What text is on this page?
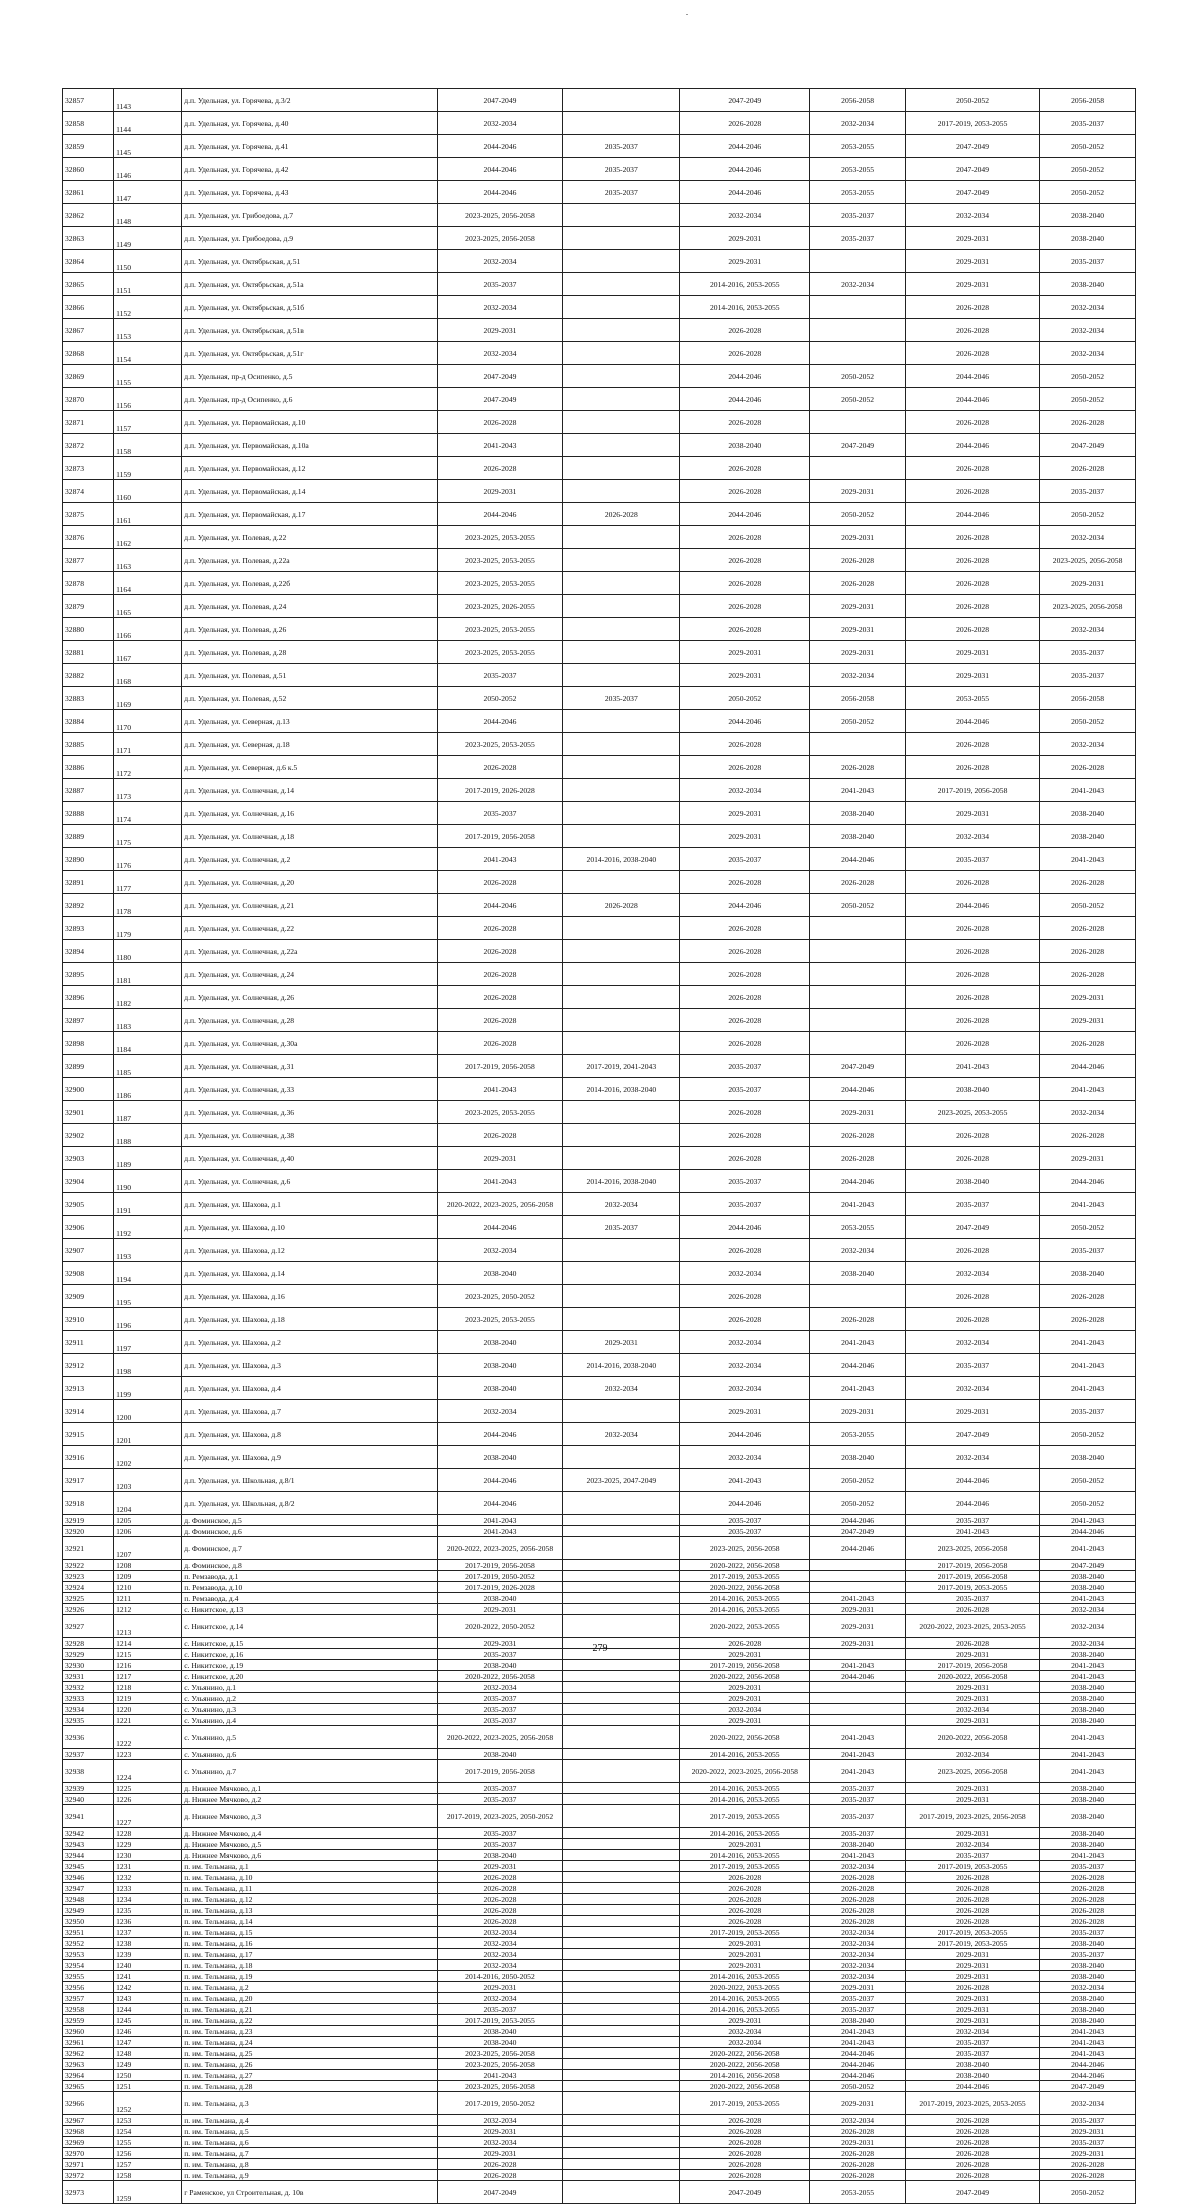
32857	1143	д.п. Удельная, ул. Горячева, д.3/2	2047-2049		2047-2049	2056-2058	2050-2052	2056-2058
32858	1144	д.п. Удельная, ул. Горячева, д.40	2032-2034		2026-2028	2032-2034	2017-2019, 2053-2055	2035-2037
32859	1145	д.п. Удельная, ул. Горячева, д.41	2044-2046	2035-2037	2044-2046	2053-2055	2047-2049	2050-2052
32860	1146	д.п. Удельная, ул. Горячева, д.42	2044-2046	2035-2037	2044-2046	2053-2055	2047-2049	2050-2052
32861	1147	д.п. Удельная, ул. Горячева, д.43	2044-2046	2035-2037	2044-2046	2053-2055	2047-2049	2050-2052
32862	1148	д.п. Удельная, ул. Грибоедова, д.7	2023-2025, 2056-2058		2032-2034	2035-2037	2032-2034	2038-2040
32863	1149	д.п. Удельная, ул. Грибоедова, д.9	2023-2025, 2056-2058		2029-2031	2035-2037	2029-2031	2038-2040
32864	1150	д.п. Удельная, ул. Октябрьская, д.51	2032-2034		2029-2031		2029-2031	2035-2037
32865	1151	д.п. Удельная, ул. Октябрьская, д.51а	2035-2037		2014-2016, 2053-2055	2032-2034	2029-2031	2038-2040
32866	1152	д.п. Удельная, ул. Октябрьская, д.51б	2032-2034		2014-2016, 2053-2055		2026-2028	2032-2034
32867	1153	д.п. Удельная, ул. Октябрьская, д.51в	2029-2031		2026-2028		2026-2028	2032-2034
32868	1154	д.п. Удельная, ул. Октябрьская, д.51г	2032-2034		2026-2028		2026-2028	2032-2034
32869	1155	д.п. Удельная, пр-д Осипенко, д.5	2047-2049		2044-2046	2050-2052	2044-2046	2050-2052
32870	1156	д.п. Удельная, пр-д Осипенко, д.6	2047-2049		2044-2046	2050-2052	2044-2046	2050-2052
32871	1157	д.п. Удельная, ул. Первомайская, д.10	2026-2028		2026-2028		2026-2028	2026-2028
32872	1158	д.п. Удельная, ул. Первомайская, д.10а	2041-2043		2038-2040	2047-2049	2044-2046	2047-2049
32873	1159	д.п. Удельная, ул. Первомайская, д.12	2026-2028		2026-2028		2026-2028	2026-2028
32874	1160	д.п. Удельная, ул. Первомайская, д.14	2029-2031		2026-2028	2029-2031	2026-2028	2035-2037
32875	1161	д.п. Удельная, ул. Первомайская, д.17	2044-2046	2026-2028	2044-2046	2050-2052	2044-2046	2050-2052
32876	1162	д.п. Удельная, ул. Полевая, д.22	2023-2025, 2053-2055		2026-2028	2029-2031	2026-2028	2032-2034
32877	1163	д.п. Удельная, ул. Полевая, д.22а	2023-2025, 2053-2055		2026-2028	2026-2028	2026-2028	2023-2025, 2056-2058
32878	1164	д.п. Удельная, ул. Полевая, д.22б	2023-2025, 2053-2055		2026-2028	2026-2028	2026-2028	2029-2031
32879	1165	д.п. Удельная, ул. Полевая, д.24	2023-2025, 2026-2055		2026-2028	2029-2031	2026-2028	2023-2025, 2056-2058
32880	1166	д.п. Удельная, ул. Полевая, д.26	2023-2025, 2053-2055		2026-2028	2029-2031	2026-2028	2032-2034
32881	1167	д.п. Удельная, ул. Полевая, д.28	2023-2025, 2053-2055		2029-2031	2029-2031	2029-2031	2035-2037
32882	1168	д.п. Удельная, ул. Полевая, д.51	2035-2037		2029-2031	2032-2034	2029-2031	2035-2037
32883	1169	д.п. Удельная, ул. Полевая, д.52	2050-2052	2035-2037	2050-2052	2056-2058	2053-2055	2056-2058
32884	1170	д.п. Удельная, ул. Северная, д.13	2044-2046		2044-2046	2050-2052	2044-2046	2050-2052
32885	1171	д.п. Удельная, ул. Северная, д.18	2023-2025, 2053-2055		2026-2028		2026-2028	2032-2034
32886	1172	д.п. Удельная, ул. Северная, д.6 к.5	2026-2028		2026-2028	2026-2028	2026-2028	2026-2028
32887	1173	д.п. Удельная, ул. Солнечная, д.14	2017-2019, 2026-2028		2032-2034	2041-2043	2017-2019, 2056-2058	2041-2043
32888	1174	д.п. Удельная, ул. Солнечная, д.16	2035-2037		2029-2031	2038-2040	2029-2031	2038-2040
32889	1175	д.п. Удельная, ул. Солнечная, д.18	2017-2019, 2056-2058		2029-2031	2038-2040	2032-2034	2038-2040
32890	1176	д.п. Удельная, ул. Солнечная, д.2	2041-2043	2014-2016, 2038-2040	2035-2037	2044-2046	2035-2037	2041-2043
32891	1177	д.п. Удельная, ул. Солнечная, д.20	2026-2028		2026-2028	2026-2028	2026-2028	2026-2028
32892	1178	д.п. Удельная, ул. Солнечная, д.21	2044-2046	2026-2028	2044-2046	2050-2052	2044-2046	2050-2052
32893	1179	д.п. Удельная, ул. Солнечная, д.22	2026-2028		2026-2028		2026-2028	2026-2028
32894	1180	д.п. Удельная, ул. Солнечная, д.22а	2026-2028		2026-2028		2026-2028	2026-2028
32895	1181	д.п. Удельная, ул. Солнечная, д.24	2026-2028		2026-2028		2026-2028	2026-2028
32896	1182	д.п. Удельная, ул. Солнечная, д.26	2026-2028		2026-2028		2026-2028	2029-2031
32897	1183	д.п. Удельная, ул. Солнечная, д.28	2026-2028		2026-2028		2026-2028	2029-2031
32898	1184	д.п. Удельная, ул. Солнечная, д.30а	2026-2028		2026-2028		2026-2028	2026-2028
32899	1185	д.п. Удельная, ул. Солнечная, д.31	2017-2019, 2056-2058	2017-2019, 2041-2043	2035-2037	2047-2049	2041-2043	2044-2046
32900	1186	д.п. Удельная, ул. Солнечная, д.33	2041-2043	2014-2016, 2038-2040	2035-2037	2044-2046	2038-2040	2041-2043
32901	1187	д.п. Удельная, ул. Солнечная, д.36	2023-2025, 2053-2055		2026-2028	2029-2031	2023-2025, 2053-2055	2032-2034
32902	1188	д.п. Удельная, ул. Солнечная, д.38	2026-2028		2026-2028	2026-2028	2026-2028	2026-2028
32903	1189	д.п. Удельная, ул. Солнечная, д.40	2029-2031		2026-2028	2026-2028	2026-2028	2029-2031
32904	1190	д.п. Удельная, ул. Солнечная, д.6	2041-2043	2014-2016, 2038-2040	2035-2037	2044-2046	2038-2040	2044-2046
32905	1191	д.п. Удельная, ул. Шахова, д.1	2020-2022, 2023-2025, 2056-2058	2032-2034	2035-2037	2041-2043	2035-2037	2041-2043
32906	1192	д.п. Удельная, ул. Шахова, д.10	2044-2046	2035-2037	2044-2046	2053-2055	2047-2049	2050-2052
32907	1193	д.п. Удельная, ул. Шахова, д.12	2032-2034		2026-2028	2032-2034	2026-2028	2035-2037
32908	1194	д.п. Удельная, ул. Шахова, д.14	2038-2040		2032-2034	2038-2040	2032-2034	2038-2040
32909	1195	д.п. Удельная, ул. Шахова, д.16	2023-2025, 2050-2052		2026-2028		2026-2028	2026-2028
32910	1196	д.п. Удельная, ул. Шахова, д.18	2023-2025, 2053-2055		2026-2028	2026-2028	2026-2028	2026-2028
32911	1197	д.п. Удельная, ул. Шахова, д.2	2038-2040	2029-2031	2032-2034	2041-2043	2032-2034	2041-2043
32912	1198	д.п. Удельная, ул. Шахова, д.3	2038-2040	2014-2016, 2038-2040	2032-2034	2044-2046	2035-2037	2041-2043
32913	1199	д.п. Удельная, ул. Шахова, д.4	2038-2040	2032-2034	2032-2034	2041-2043	2032-2034	2041-2043
32914	1200	д.п. Удельная, ул. Шахова, д.7	2032-2034		2029-2031	2029-2031	2029-2031	2035-2037
32915	1201	д.п. Удельная, ул. Шахова, д.8	2044-2046	2032-2034	2044-2046	2053-2055	2047-2049	2050-2052
32916	1202	д.п. Удельная, ул. Шахова, д.9	2038-2040		2032-2034	2038-2040	2032-2034	2038-2040
32917	1203	д.п. Удельная, ул. Школьная, д.8/1	2044-2046	2023-2025, 2047-2049	2041-2043	2050-2052	2044-2046	2050-2052
32918	1204	д.п. Удельная, ул. Школьная, д.8/2	2044-2046		2044-2046	2050-2052	2044-2046	2050-2052
32919	1205	д. Фоминское, д.5	2041-2043		2035-2037	2044-2046	2035-2037	2041-2043
32920	1206	д. Фоминское, д.6	2041-2043		2035-2037	2047-2049	2041-2043	2044-2046
32921	1207	д. Фоминское, д.7	2020-2022, 2023-2025, 2056-2058		2023-2025, 2056-2058	2044-2046	2023-2025, 2056-2058	2041-2043
32922	1208	д. Фоминское, д.8	2017-2019, 2056-2058		2020-2022, 2056-2058		2017-2019, 2056-2058	2047-2049
32923	1209	п. Ремзавода, д.1	2017-2019, 2050-2052		2017-2019, 2053-2055		2017-2019, 2056-2058	2038-2040
32924	1210	п. Ремзавода, д.10	2017-2019, 2026-2028		2020-2022, 2056-2058		2017-2019, 2053-2055	2038-2040
32925	1211	п. Ремзавода, д.4	2038-2040		2014-2016, 2053-2055	2041-2043	2035-2037	2041-2043
32926	1212	с. Никитское, д.13	2029-2031		2014-2016, 2053-2055	2029-2031	2026-2028	2032-2034
32927	1213	с. Никитское, д.14	2020-2022, 2050-2052		2020-2022, 2053-2055	2029-2031	2020-2022, 2023-2025, 2053-2055	2032-2034
32928	1214	с. Никитское, д.15	2029-2031		2026-2028	2029-2031	2026-2028	2032-2034
32929	1215	с. Никитское, д.16	2035-2037		2029-2031		2029-2031	2038-2040
32930	1216	с. Никитское, д.19	2038-2040		2017-2019, 2056-2058	2041-2043	2017-2019, 2056-2058	2041-2043
32931	1217	с. Никитское, д.20	2020-2022, 2056-2058		2020-2022, 2056-2058	2044-2046	2020-2022, 2056-2058	2041-2043
32932	1218	с. Ульянино, д.1	2032-2034		2029-2031		2029-2031	2038-2040
32933	1219	с. Ульянино, д.2	2035-2037		2029-2031		2029-2031	2038-2040
32934	1220	с. Ульянино, д.3	2035-2037		2032-2034		2032-2034	2038-2040
32935	1221	с. Ульянино, д.4	2035-2037		2029-2031		2029-2031	2038-2040
32936	1222	с. Ульянино, д.5	2020-2022, 2023-2025, 2056-2058		2020-2022, 2056-2058	2041-2043	2020-2022, 2056-2058	2041-2043
32937	1223	с. Ульянино, д.6	2038-2040		2014-2016, 2053-2055	2041-2043	2032-2034	2041-2043
32938	1224	с. Ульянино, д.7	2017-2019, 2056-2058		2020-2022, 2023-2025, 2056-2058	2041-2043	2023-2025, 2056-2058	2041-2043
32939	1225	д. Нижнее Мячково, д.1	2035-2037		2014-2016, 2053-2055	2035-2037	2029-2031	2038-2040
32940	1226	д. Нижнее Мячково, д.2	2035-2037		2014-2016, 2053-2055	2035-2037	2029-2031	2038-2040
32941	1227	д. Нижнее Мячково, д.3	2017-2019, 2023-2025, 2050-2052		2017-2019, 2053-2055	2035-2037	2017-2019, 2023-2025, 2056-2058	2038-2040
32942	1228	д. Нижнее Мячково, д.4	2035-2037		2014-2016, 2053-2055	2035-2037	2029-2031	2038-2040
32943	1229	д. Нижнее Мячково, д.5	2035-2037		2029-2031	2038-2040	2032-2034	2038-2040
32944	1230	д. Нижнее Мячково, д.6	2038-2040		2014-2016, 2053-2055	2041-2043	2035-2037	2041-2043
32945	1231	п. им. Тельмана, д.1	2029-2031		2017-2019, 2053-2055	2032-2034	2017-2019, 2053-2055	2035-2037
32946	1232	п. им. Тельмана, д.10	2026-2028		2026-2028	2026-2028	2026-2028	2026-2028
32947	1233	п. им. Тельмана, д.11	2026-2028		2026-2028	2026-2028	2026-2028	2026-2028
32948	1234	п. им. Тельмана, д.12	2026-2028		2026-2028	2026-2028	2026-2028	2026-2028
32949	1235	п. им. Тельмана, д.13	2026-2028		2026-2028	2026-2028	2026-2028	2026-2028
32950	1236	п. им. Тельмана, д.14	2026-2028		2026-2028	2026-2028	2026-2028	2026-2028
32951	1237	п. им. Тельмана, д.15	2032-2034		2017-2019, 2053-2055	2032-2034	2017-2019, 2053-2055	2035-2037
32952	1238	п. им. Тельмана, д.16	2032-2034		2029-2031	2032-2034	2017-2019, 2053-2055	2038-2040
32953	1239	п. им. Тельмана, д.17	2032-2034		2029-2031	2032-2034	2029-2031	2035-2037
32954	1240	п. им. Тельмана, д.18	2032-2034		2029-2031	2032-2034	2029-2031	2038-2040
32955	1241	п. им. Тельмана, д.19	2014-2016, 2050-2052		2014-2016, 2053-2055	2032-2034	2029-2031	2038-2040
32956	1242	п. им. Тельмана, д.2	2029-2031		2020-2022, 2053-2055	2029-2031	2026-2028	2032-2034
32957	1243	п. им. Тельмана, д.20	2032-2034		2014-2016, 2053-2055	2035-2037	2029-2031	2038-2040
32958	1244	п. им. Тельмана, д.21	2035-2037		2014-2016, 2053-2055	2035-2037	2029-2031	2038-2040
32959	1245	п. им. Тельмана, д.22	2017-2019, 2053-2055		2029-2031	2038-2040	2029-2031	2038-2040
32960	1246	п. им. Тельмана, д.23	2038-2040		2032-2034	2041-2043	2032-2034	2041-2043
32961	1247	п. им. Тельмана, д.24	2038-2040		2032-2034	2041-2043	2035-2037	2041-2043
32962	1248	п. им. Тельмана, д.25	2023-2025, 2056-2058		2020-2022, 2056-2058	2044-2046	2035-2037	2041-2043
32963	1249	п. им. Тельмана, д.26	2023-2025, 2056-2058		2020-2022, 2056-2058	2044-2046	2038-2040	2044-2046
32964	1250	п. им. Тельмана, д.27	2041-2043		2014-2016, 2056-2058	2044-2046	2038-2040	2044-2046
32965	1251	п. им. Тельмана, д.28	2023-2025, 2056-2058		2020-2022, 2056-2058	2050-2052	2044-2046	2047-2049
32966	1252	п. им. Тельмана, д.3	2017-2019, 2050-2052		2017-2019, 2053-2055	2029-2031	2017-2019, 2023-2025, 2053-2055	2032-2034
32967	1253	п. им. Тельмана, д.4	2032-2034		2026-2028	2032-2034	2026-2028	2035-2037
32968	1254	п. им. Тельмана, д.5	2029-2031		2026-2028	2026-2028	2026-2028	2029-2031
32969	1255	п. им. Тельмана, д.6	2032-2034		2026-2028	2029-2031	2026-2028	2035-2037
32970	1256	п. им. Тельмана, д.7	2029-2031		2026-2028	2026-2028	2026-2028	2029-2031
32971	1257	п. им. Тельмана, д.8	2026-2028		2026-2028	2026-2028	2026-2028	2026-2028
32972	1258	п. им. Тельмана, д.9	2026-2028		2026-2028	2026-2028	2026-2028	2026-2028
32973	1259	г Раменское, ул Строительная, д. 10в	2047-2049		2047-2049	2053-2055	2047-2049	2050-2052
279
